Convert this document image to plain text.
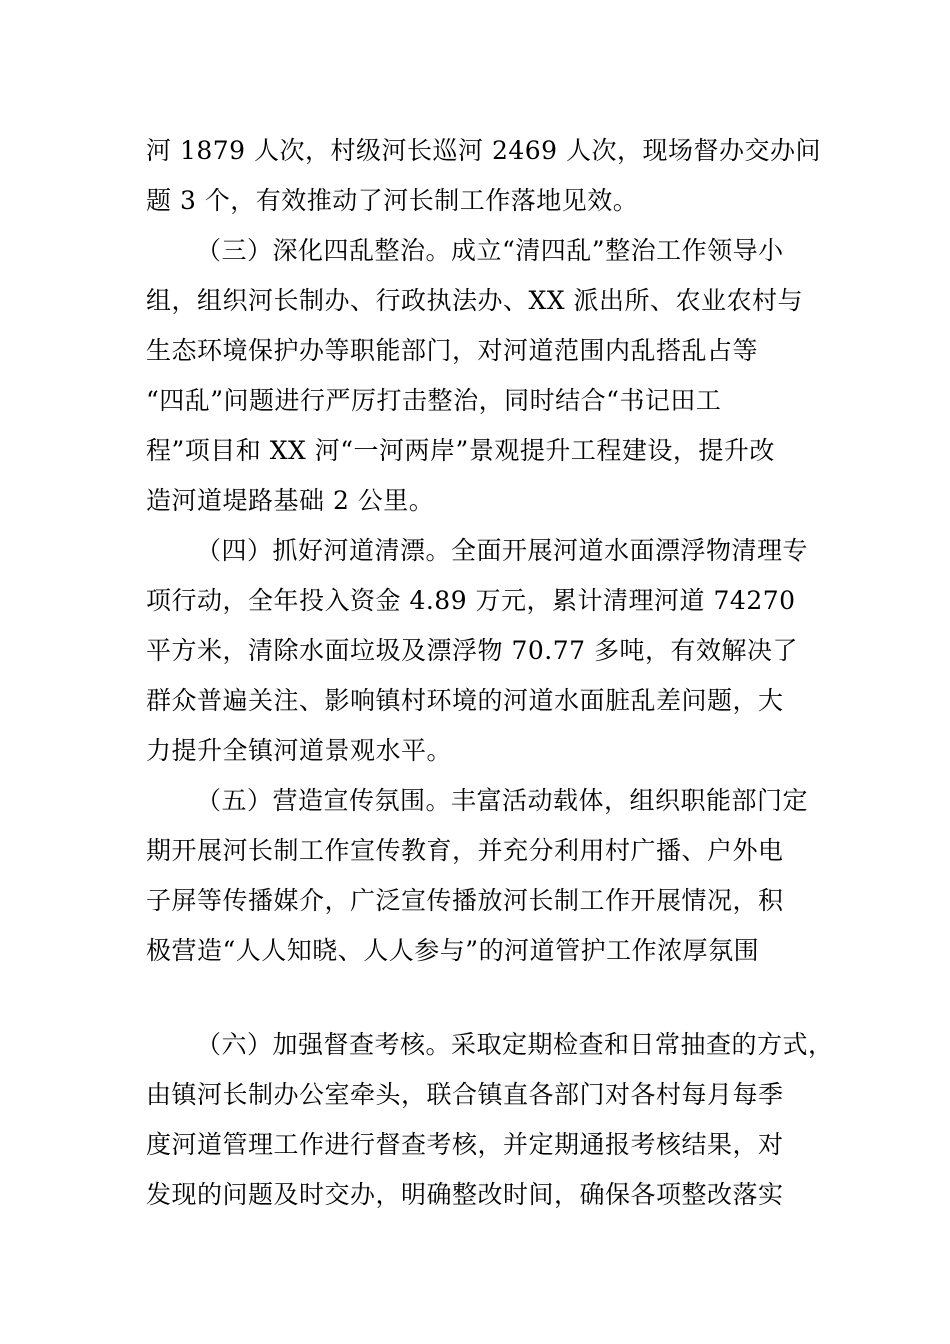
河 1879 人次，村级河长巡河 2469 人次，现场督办交办问
题 3 个，有效推动了河长制工作落地见效。
（三）深化四乱整治。成立“清四乱”整治工作领导小
组，组织河长制办、行政执法办、XX 派出所、农业农村与
生态环境保护办等职能部门，对河道范围内乱搭乱占等
“四乱”问题进行严厉打击整治，同时结合“书记田工
程”项目和 XX 河“一河两岸”景观提升工程建设，提升改
造河道堤路基础 2 公里。
（四）抓好河道清漂。全面开展河道水面漂浮物清理专
项行动，全年投入资金 4.89 万元，累计清理河道 74270
平方米，清除水面垃圾及漂浮物 70.77 多吨，有效解决了
群众普遍关注、影响镇村环境的河道水面脏乱差问题，大
力提升全镇河道景观水平。
（五）营造宣传氛围。丰富活动载体，组织职能部门定
期开展河长制工作宣传教育，并充分利用村广播、户外电
子屏等传播媒介，广泛宣传播放河长制工作开展情况，积
极营造“人人知晓、人人参与”的河道管护工作浓厚氛围
（六）加强督查考核。采取定期检查和日常抽查的方式，
由镇河长制办公室牵头，联合镇直各部门对各村每月每季
度河道管理工作进行督查考核，并定期通报考核结果，对
发现的问题及时交办，明确整改时间，确保各项整改落实
